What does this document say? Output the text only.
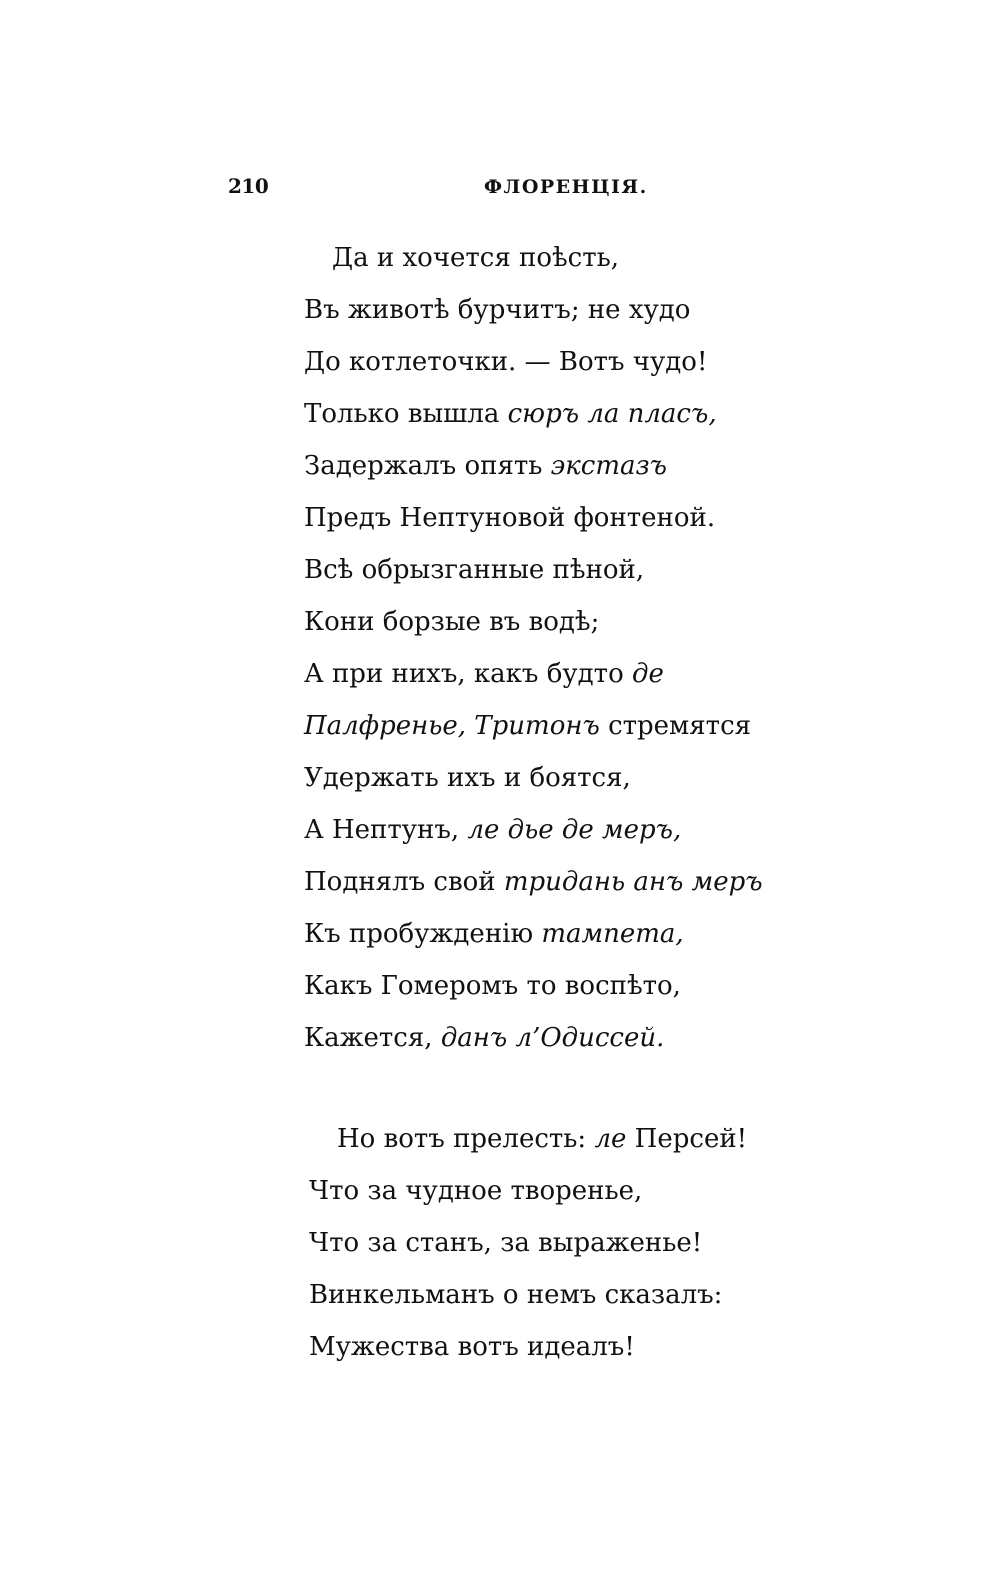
210	ФЛОРЕНЦІЯ.
Да и хочется поѣсть,
Въ животѣ бурчитъ; не худо
До котлеточки. — Вотъ чудо!
Только вышла сюръ ла пласъ,
Задержалъ опять экстазъ
Предъ Нептуновой фонтеной.
Всѣ обрызганные пѣной,
Кони борзые въ водѣ;
А при нихъ, какъ будто де
Палфренье, Тритонъ стремятся
Удержать ихъ и боятся,
А Нептунъ, ле дье де меръ,
Поднялъ свой тридань анъ меръ
Къ пробужденію тампета,
Какъ Гомеромъ то воспѣто,
Кажется, данъ л’Одиссей.
Но вотъ прелесть: ле Персей!
Что за чудное творенье,
Что за станъ, за выраженье!
Винкельманъ о немъ сказалъ:
Мужества вотъ идеалъ!
